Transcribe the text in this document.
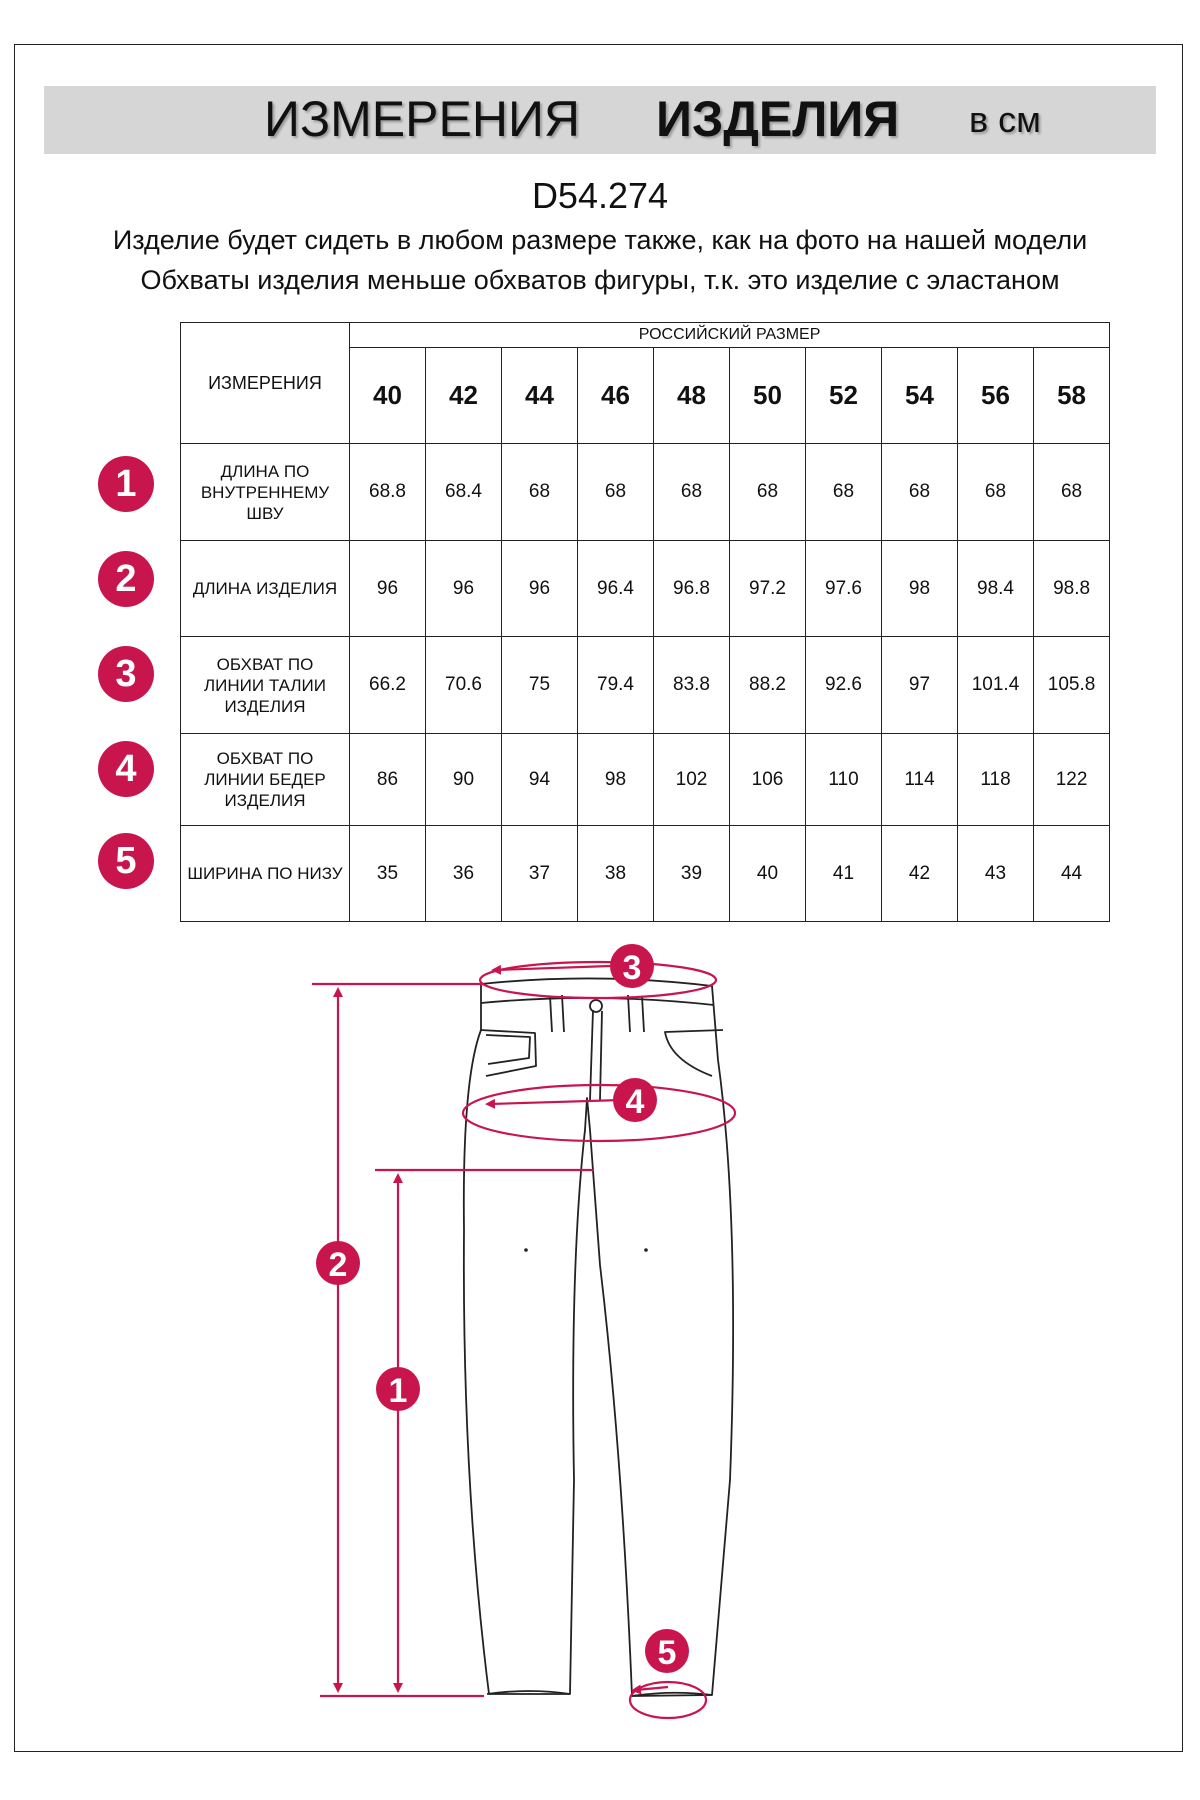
ИЗМЕРЕНИЯ ИЗДЕЛИЯ в см
D54.274
Изделие будет сидеть в любом размере также, как на фото на нашей модели
Обхваты изделия меньше обхватов фигуры, т.к. это изделие с эластаном
ИЗМЕРЕНИЯ	РОССИЙСКИЙ РАЗМЕР									
	40	42	44	46	48	50	52	54	56	58
ДЛИНА ПО ВНУТРЕННЕМУ ШВУ	68.8	68.4	68	68	68	68	68	68	68	68
ДЛИНА ИЗДЕЛИЯ	96	96	96	96.4	96.8	97.2	97.6	98	98.4	98.8
ОБХВАТ ПО ЛИНИИ ТАЛИИ ИЗДЕЛИЯ	66.2	70.6	75	79.4	83.8	88.2	92.6	97	101.4	105.8
ОБХВАТ ПО ЛИНИИ БЕДЕР ИЗДЕЛИЯ	86	90	94	98	102	106	110	114	118	122
ШИРИНА ПО НИЗУ	35	36	37	38	39	40	41	42	43	44
1
2
3
4
5
3
4
2
1
5
